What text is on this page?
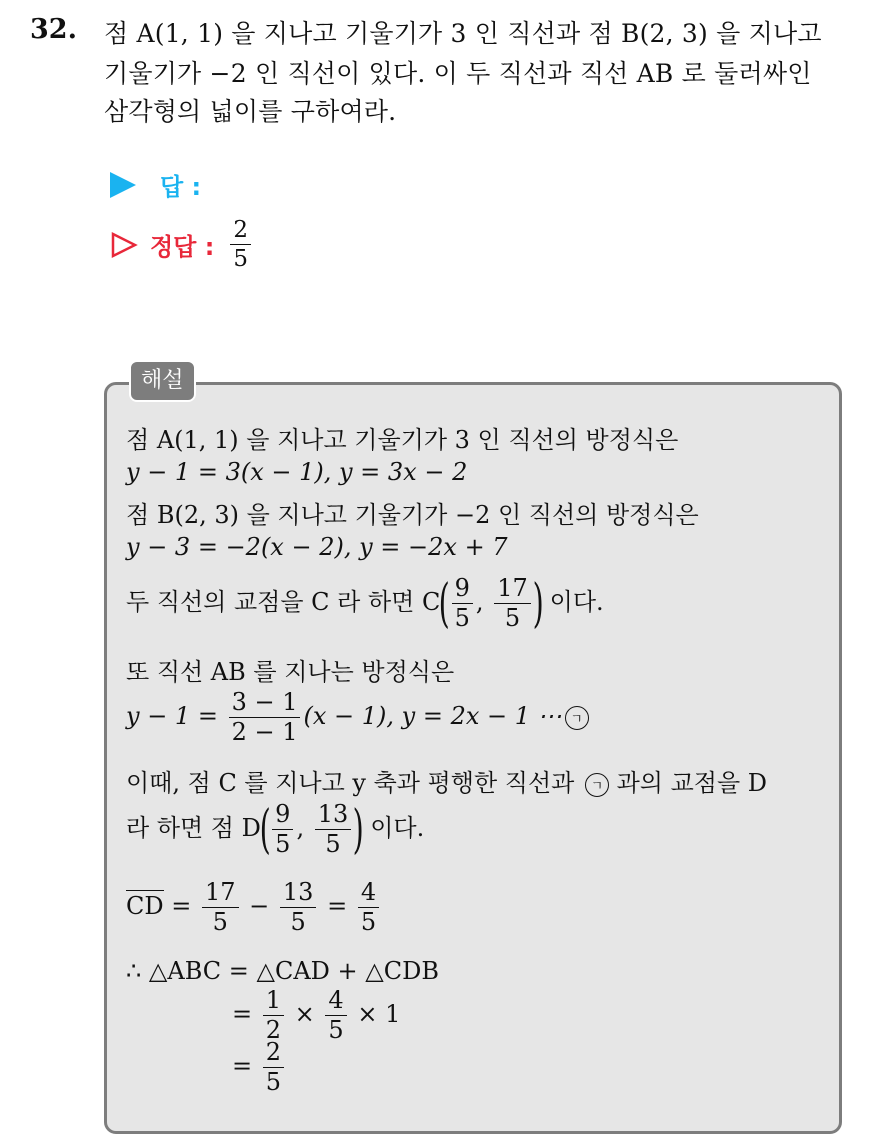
32. 점 A(1, 1) 을 지나고 기울기가 3 인 직선과 점 B(2, 3) 을 지나고
기울기가 −2 인 직선이 있다. 이 두 직선과 직선 AB 로 둘러싸인
삼각형의 넓이를 구하여라.
답 :
정답 : $\frac{2}{5}$
해설
점 A(1, 1) 을 지나고 기울기가 3 인 직선의 방정식은
y − 1 = 3(x − 1), y = 3x − 2
점 B(2, 3) 을 지나고 기울기가 −2 인 직선의 방정식은
y − 3 = −2(x − 2), y = −2x + 7
두 직선의 교점을 C 라 하면 $C( \frac{9}{5}$ , $\frac{17}{5}$ ) 이다.
또 직선 AB 를 지나는 방정식은
$y - 1 = \frac{3 - 1}{2 - 1} (x - 1)$, y = 2x − 1 ⋯ ㄱ
이때, 점 C 를 지나고 y 축과 평행한 직선과 ㄱ 과의 교점을 D
라 하면 점 $D( \frac{9}{5}$ , $\frac{13}{5}$ ) 이다.
CD = $\frac{17}{5} - \frac{13}{5} = \frac{4}{5}$
∴ △ABC = △CAD + △CDB
= $\frac{1}{2} \times \frac{4}{5} \times 1$
= $\frac{2}{5}$
